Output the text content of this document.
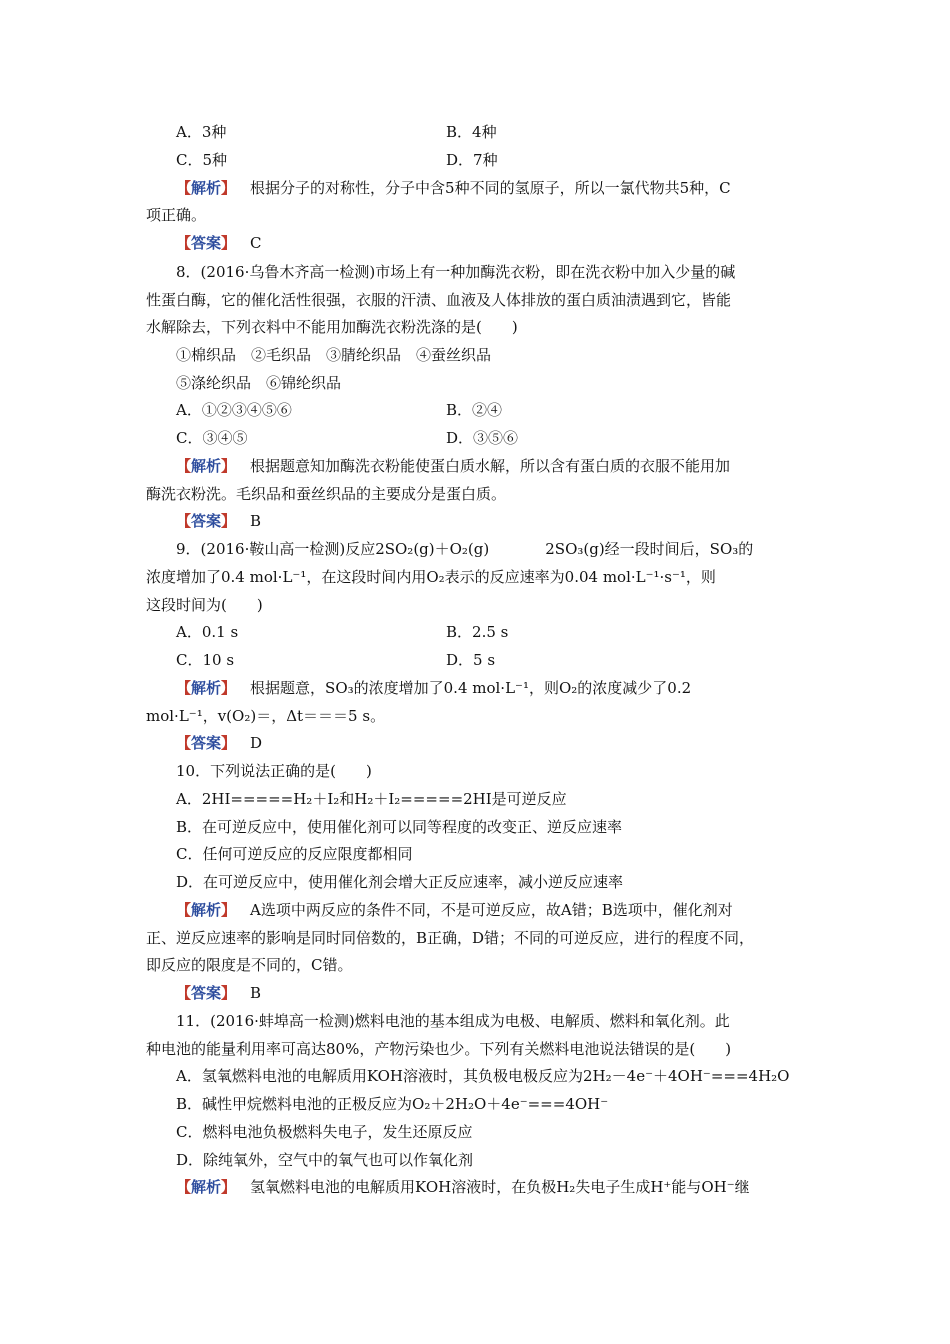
A．3种	B．4种
C．5种	D．7种
【解析】 根据分子的对称性，分子中含5种不同的氢原子，所以一氯代物共5种，C
项正确。
【答案】 C
8．(2016·乌鲁木齐高一检测)市场上有一种加酶洗衣粉，即在洗衣粉中加入少量的碱
性蛋白酶，它的催化活性很强，衣服的汗渍、血液及人体排放的蛋白质油渍遇到它，皆能
水解除去，下列衣料中不能用加酶洗衣粉洗涤的是(　　)
①棉织品　②毛织品　③腈纶织品　④蚕丝织品
⑤涤纶织品　⑥锦纶织品
A．①②③④⑤⑥	B．②④
C．③④⑤	D．③⑤⑥
【解析】 根据题意知加酶洗衣粉能使蛋白质水解，所以含有蛋白质的衣服不能用加
酶洗衣粉洗。毛织品和蚕丝织品的主要成分是蛋白质。
【答案】 B
9．(2016·鞍山高一检测)反应2SO₂(g)＋O₂(g)	2SO₃(g)经一段时间后，SO₃的
浓度增加了0.4 mol·L⁻¹，在这段时间内用O₂表示的反应速率为0.04 mol·L⁻¹·s⁻¹，则
这段时间为(　　)
A．0.1 s	B．2.5 s
C．10 s	D．5 s
【解析】 根据题意，SO₃的浓度增加了0.4 mol·L⁻¹，则O₂的浓度减少了0.2
mol·L⁻¹，v(O₂)＝，Δt＝＝＝5 s。
【答案】 D
10．下列说法正确的是(　　)
A．2HI=====H₂＋I₂和H₂＋I₂=====2HI是可逆反应
B．在可逆反应中，使用催化剂可以同等程度的改变正、逆反应速率
C．任何可逆反应的反应限度都相同
D．在可逆反应中，使用催化剂会增大正反应速率，减小逆反应速率
【解析】 A选项中两反应的条件不同，不是可逆反应，故A错；B选项中，催化剂对
正、逆反应速率的影响是同时同倍数的，B正确，D错；不同的可逆反应，进行的程度不同，
即反应的限度是不同的，C错。
【答案】 B
11．(2016·蚌埠高一检测)燃料电池的基本组成为电极、电解质、燃料和氧化剂。此
种电池的能量利用率可高达80%，产物污染也少。下列有关燃料电池说法错误的是(　　)
A．氢氧燃料电池的电解质用KOH溶液时，其负极电极反应为2H₂－4e⁻＋4OH⁻===4H₂O
B．碱性甲烷燃料电池的正极反应为O₂＋2H₂O＋4e⁻===4OH⁻
C．燃料电池负极燃料失电子，发生还原反应
D．除纯氧外，空气中的氧气也可以作氧化剂
【解析】 氢氧燃料电池的电解质用KOH溶液时，在负极H₂失电子生成H⁺能与OH⁻继
